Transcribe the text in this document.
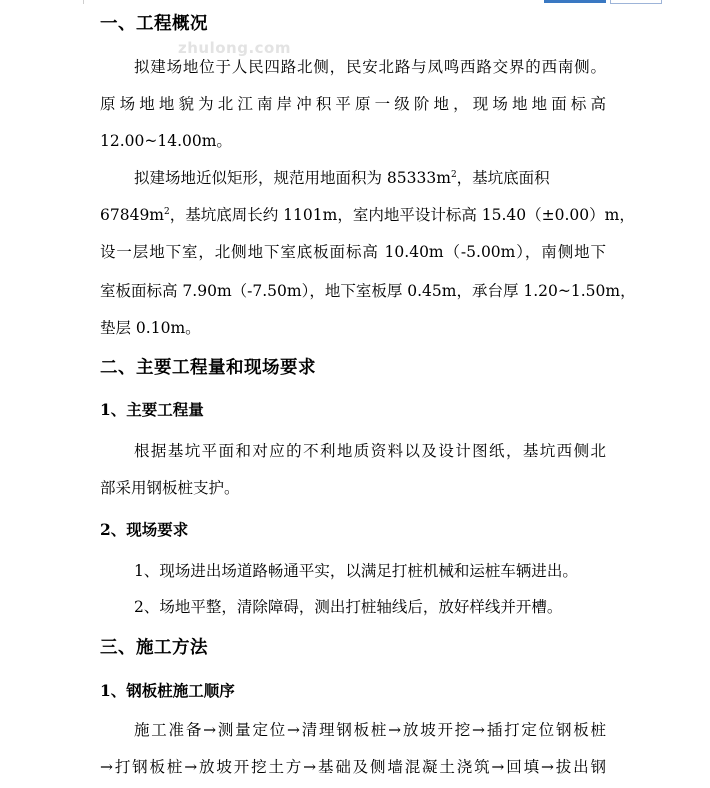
zhulong.com
一、工程概况
拟建场地位于人民四路北侧，民安北路与凤鸣西路交界的西南侧。
原场地地貌为北江南岸冲积平原一级阶地，现场地地面标高
12.00~14.00m。
拟建场地近似矩形，规范用地面积为 $85333m^2$，基坑底面积
$67849m^2$，基坑底周长约 1101m，室内地平设计标高 15.40（±0.00）m，
设一层地下室，北侧地下室底板面标高 10.40m（-5.00m），南侧地下
室板面标高 7.90m（-7.50m），地下室板厚 0.45m，承台厚 1.20~1.50m，
垫层 0.10m。
二、主要工程量和现场要求
1、主要工程量
根据基坑平面和对应的不利地质资料以及设计图纸，基坑西侧北
部采用钢板桩支护。
2、现场要求
1、现场进出场道路畅通平实，以满足打桩机械和运桩车辆进出。
2、场地平整，清除障碍，测出打桩轴线后，放好样线并开槽。
三、施工方法
1、钢板桩施工顺序
施工准备→测量定位→清理钢板桩→放坡开挖→插打定位钢板桩
→打钢板桩→放坡开挖土方→基础及侧墙混凝土浇筑→回填→拔出钢
